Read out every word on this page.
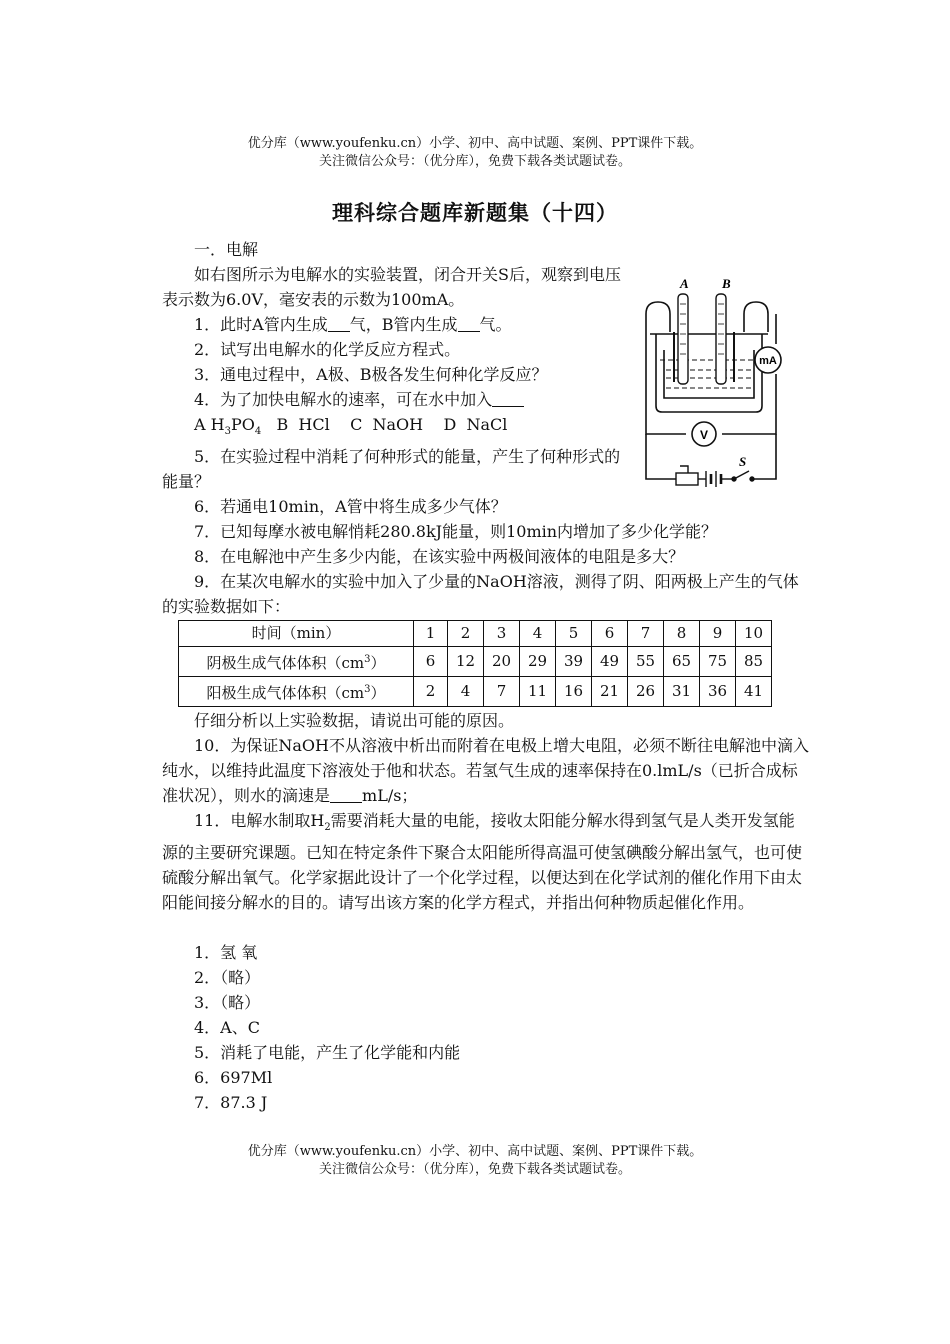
优分库（www.youfenku.cn）小学、初中、高中试题、案例、PPT课件下载。
关注微信公众号：（优分库），免费下载各类试题试卷。
理科综合题库新题集（十四）

一．电解

如右图所示为电解水的实验装置，闭合开关S后，观察到电压表示数为6.0V，毫安表的示数为100mA。

1．此时A管内生成 气，B管内生成 气。

2．试写出电解水的化学反应方程式。

3．通电过程中，A极、B极各发生何种化学反应？

4．为了加快电解水的速率，可在水中加入

A $H_3PO_4$   B  HCl    C  NaOH    D  NaCl

5．在实验过程中消耗了何种形式的能量，产生了何种形式的能量？

6．若通电10min，A管中将生成多少气体？

7．已知每摩水被电解悄耗280.8kJ能量，则10min内增加了多少化学能？

8．在电解池中产生多少内能，在该实验中两极间液体的电阻是多大？

9．在某次电解水的实验中加入了少量的NaOH溶液，测得了阴、阳两极上产生的气体的实验数据如下：

时间（min）	1	2	3	4	5	6	7	8	9	10
阴极生成气体体积$(cm^3)$	6	12	20	29	39	49	55	65	75	85
阳极生成气体体积$(cm^3)$	2	4	7	11	16	21	26	31	36	41

仔细分析以上实验数据，请说出可能的原因。

10．为保证NaOH不从溶液中析出而附着在电极上增大电阻，必须不断往电解池中滴入纯水，以维持此温度下溶液处于他和状态。若氢气生成的速率保持在0.lmL/s（已折合成标准状况），则水的滴速是 mL/s；

11．电解水制取$H_2$需要消耗大量的电能，接收太阳能分解水得到氢气是人类开发氢能源的主要研究课题。已知在特定条件下聚合太阳能所得高温可使氢碘酸分解出氢气，也可使硫酸分解出氧气。化学家据此设计了一个化学过程，以便达到在化学试剂的催化作用下由太阳能间接分解水的目的。请写出该方案的化学方程式，并指出何种物质起催化作用。

1．氢 氧

2．（略）

3．（略）

4．A、C

5．消耗了电能，产生了化学能和内能

6．697Ml

7．87.3 J

A	B
mA
V
S
优分库（www.youfenku.cn）小学、初中、高中试题、案例、PPT课件下载。
关注微信公众号：（优分库），免费下载各类试题试卷。
